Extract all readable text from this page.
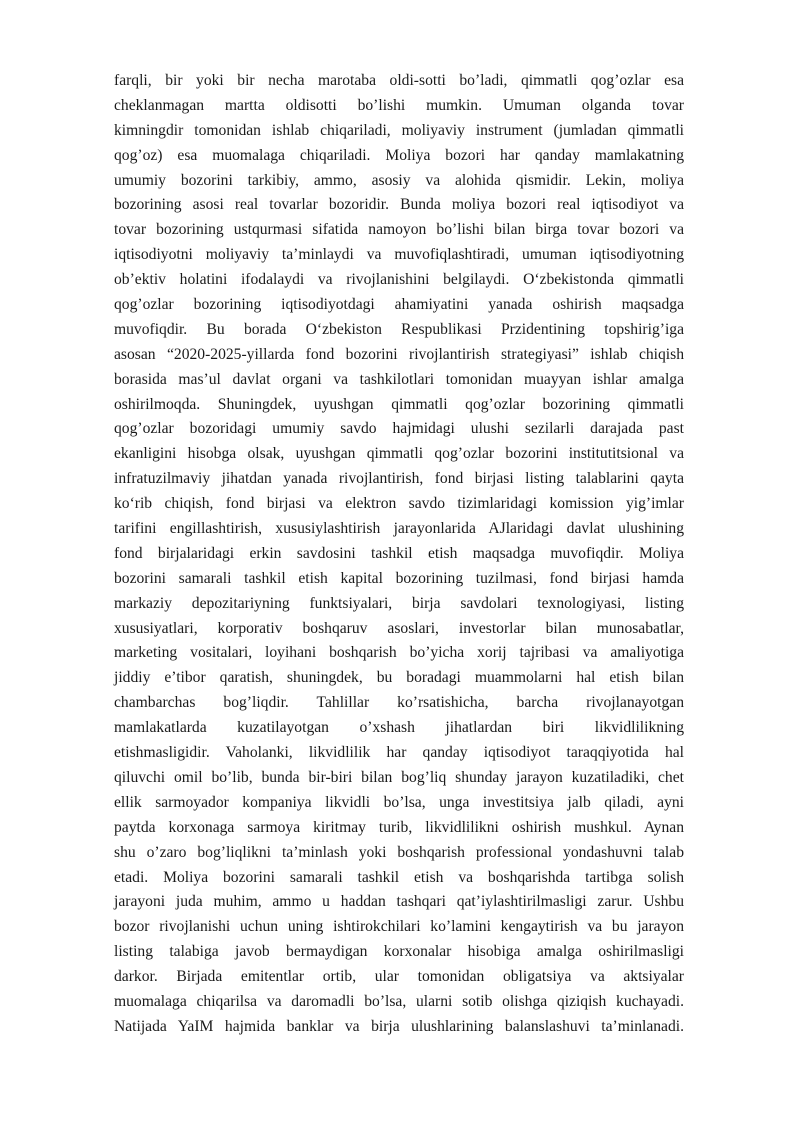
farqli, bir yoki bir necha marotaba oldi-sotti bo’ladi, qimmatli qog’ozlar esa
cheklanmagan martta oldisotti bo’lishi mumkin. Umuman olganda tovar
kimningdir tomonidan ishlab chiqariladi, moliyaviy instrument (jumladan qimmatli
qog’oz) esa muomalaga chiqariladi. Moliya bozori har qanday mamlakatning
umumiy bozorini tarkibiy, ammo, asosiy va alohida qismidir. Lekin, moliya
bozorining asosi real tovarlar bozoridir. Bunda moliya bozori real iqtisodiyot va
tovar bozorining ustqurmasi sifatida namoyon bo’lishi bilan birga tovar bozori va
iqtisodiyotni moliyaviy ta’minlaydi va muvofiqlashtiradi, umuman iqtisodiyotning
ob’ektiv holatini ifodalaydi va rivojlanishini belgilaydi. O‘zbekistonda qimmatli
qog’ozlar bozorining iqtisodiyotdagi ahamiyatini yanada oshirish maqsadga
muvofiqdir. Bu borada O‘zbekiston Respublikasi Przidentining topshirig’iga
asosan “2020-2025-yillarda fond bozorini rivojlantirish strategiyasi” ishlab chiqish
borasida mas’ul davlat organi va tashkilotlari tomonidan muayyan ishlar amalga
oshirilmoqda. Shuningdek, uyushgan qimmatli qog’ozlar bozorining qimmatli
qog’ozlar bozoridagi umumiy savdo hajmidagi ulushi sezilarli darajada past
ekanligini hisobga olsak, uyushgan qimmatli qog’ozlar bozorini institutitsional va
infratuzilmaviy jihatdan yanada rivojlantirish, fond birjasi listing talablarini qayta
ko‘rib chiqish, fond birjasi va elektron savdo tizimlaridagi komission yig’imlar
tarifini engillashtirish, xususiylashtirish jarayonlarida AJlaridagi davlat ulushining
fond birjalaridagi erkin savdosini tashkil etish maqsadga muvofiqdir. Moliya
bozorini samarali tashkil etish kapital bozorining tuzilmasi, fond birjasi hamda
markaziy depozitariyning funktsiyalari, birja savdolari texnologiyasi, listing
xususiyatlari, korporativ boshqaruv asoslari, investorlar bilan munosabatlar,
marketing vositalari, loyihani boshqarish bo’yicha xorij tajribasi va amaliyotiga
jiddiy e’tibor qaratish, shuningdek, bu boradagi muammolarni hal etish bilan
chambarchas bog’liqdir. Tahlillar ko’rsatishicha, barcha rivojlanayotgan
mamlakatlarda kuzatilayotgan o’xshash jihatlardan biri likvidlilikning
etishmasligidir. Vaholanki, likvidlilik har qanday iqtisodiyot taraqqiyotida hal
qiluvchi omil bo’lib, bunda bir-biri bilan bog’liq shunday jarayon kuzatiladiki, chet
ellik sarmoyador kompaniya likvidli bo’lsa, unga investitsiya jalb qiladi, ayni
paytda korxonaga sarmoya kiritmay turib, likvidlilikni oshirish mushkul. Aynan
shu o’zaro bog’liqlikni ta’minlash yoki boshqarish professional yondashuvni talab
etadi. Moliya bozorini samarali tashkil etish va boshqarishda tartibga solish
jarayoni juda muhim, ammo u haddan tashqari qat’iylashtirilmasligi zarur. Ushbu
bozor rivojlanishi uchun uning ishtirokchilari ko’lamini kengaytirish va bu jarayon
listing talabiga javob bermaydigan korxonalar hisobiga amalga oshirilmasligi
darkor. Birjada emitentlar ortib, ular tomonidan obligatsiya va aktsiyalar
muomalaga chiqarilsa va daromadli bo’lsa, ularni sotib olishga qiziqish kuchayadi.
Natijada YaIM hajmida banklar va birja ulushlarining balanslashuvi ta’minlanadi.
